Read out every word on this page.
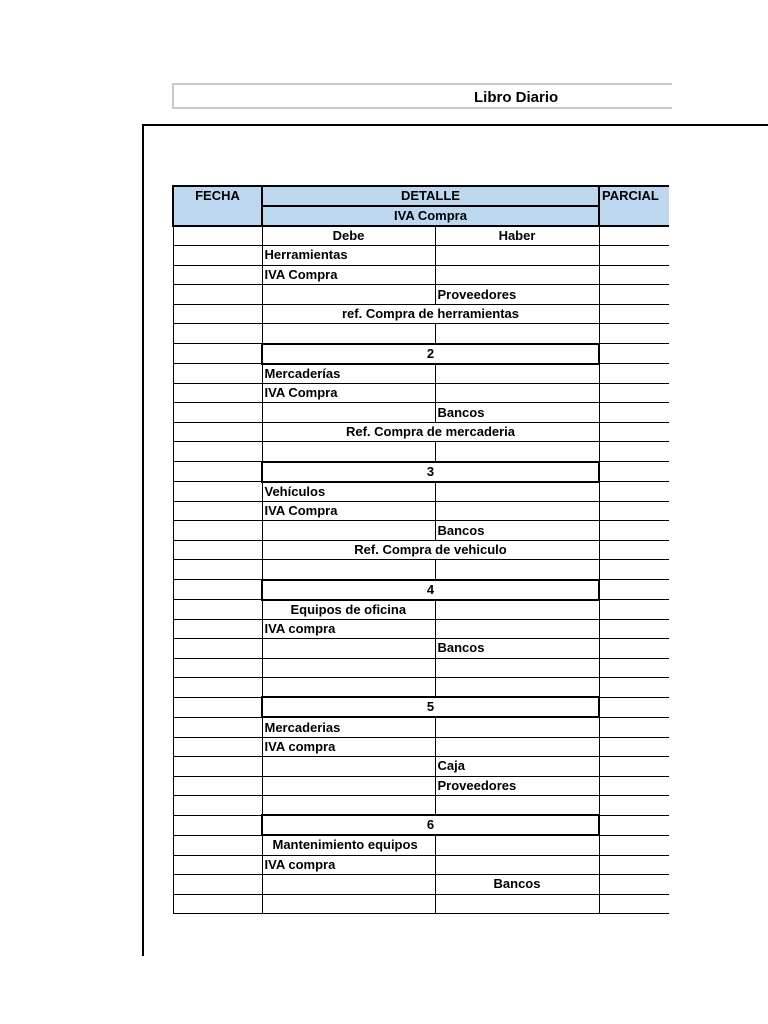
Libro Diario
FECHA	DETALLE		PARCIAL
	IVA Compra		
	Debe	Haber	
	Herramientas		
	IVA Compra		
		Proveedores	
	ref. Compra de herramientas		

	2		
	Mercaderías		
	IVA Compra		
		Bancos	
	Ref. Compra de mercaderia		

	3		
	Vehículos		
	IVA Compra		
		Bancos	
	Ref. Compra de vehiculo		

	4		
	Equipos de oficina		
	IVA compra		
		Bancos	

	5		
	Mercaderias		
	IVA compra		
		Caja	
		Proveedores	

	6		
	Mantenimiento equipos		
	IVA compra		
		Bancos	
